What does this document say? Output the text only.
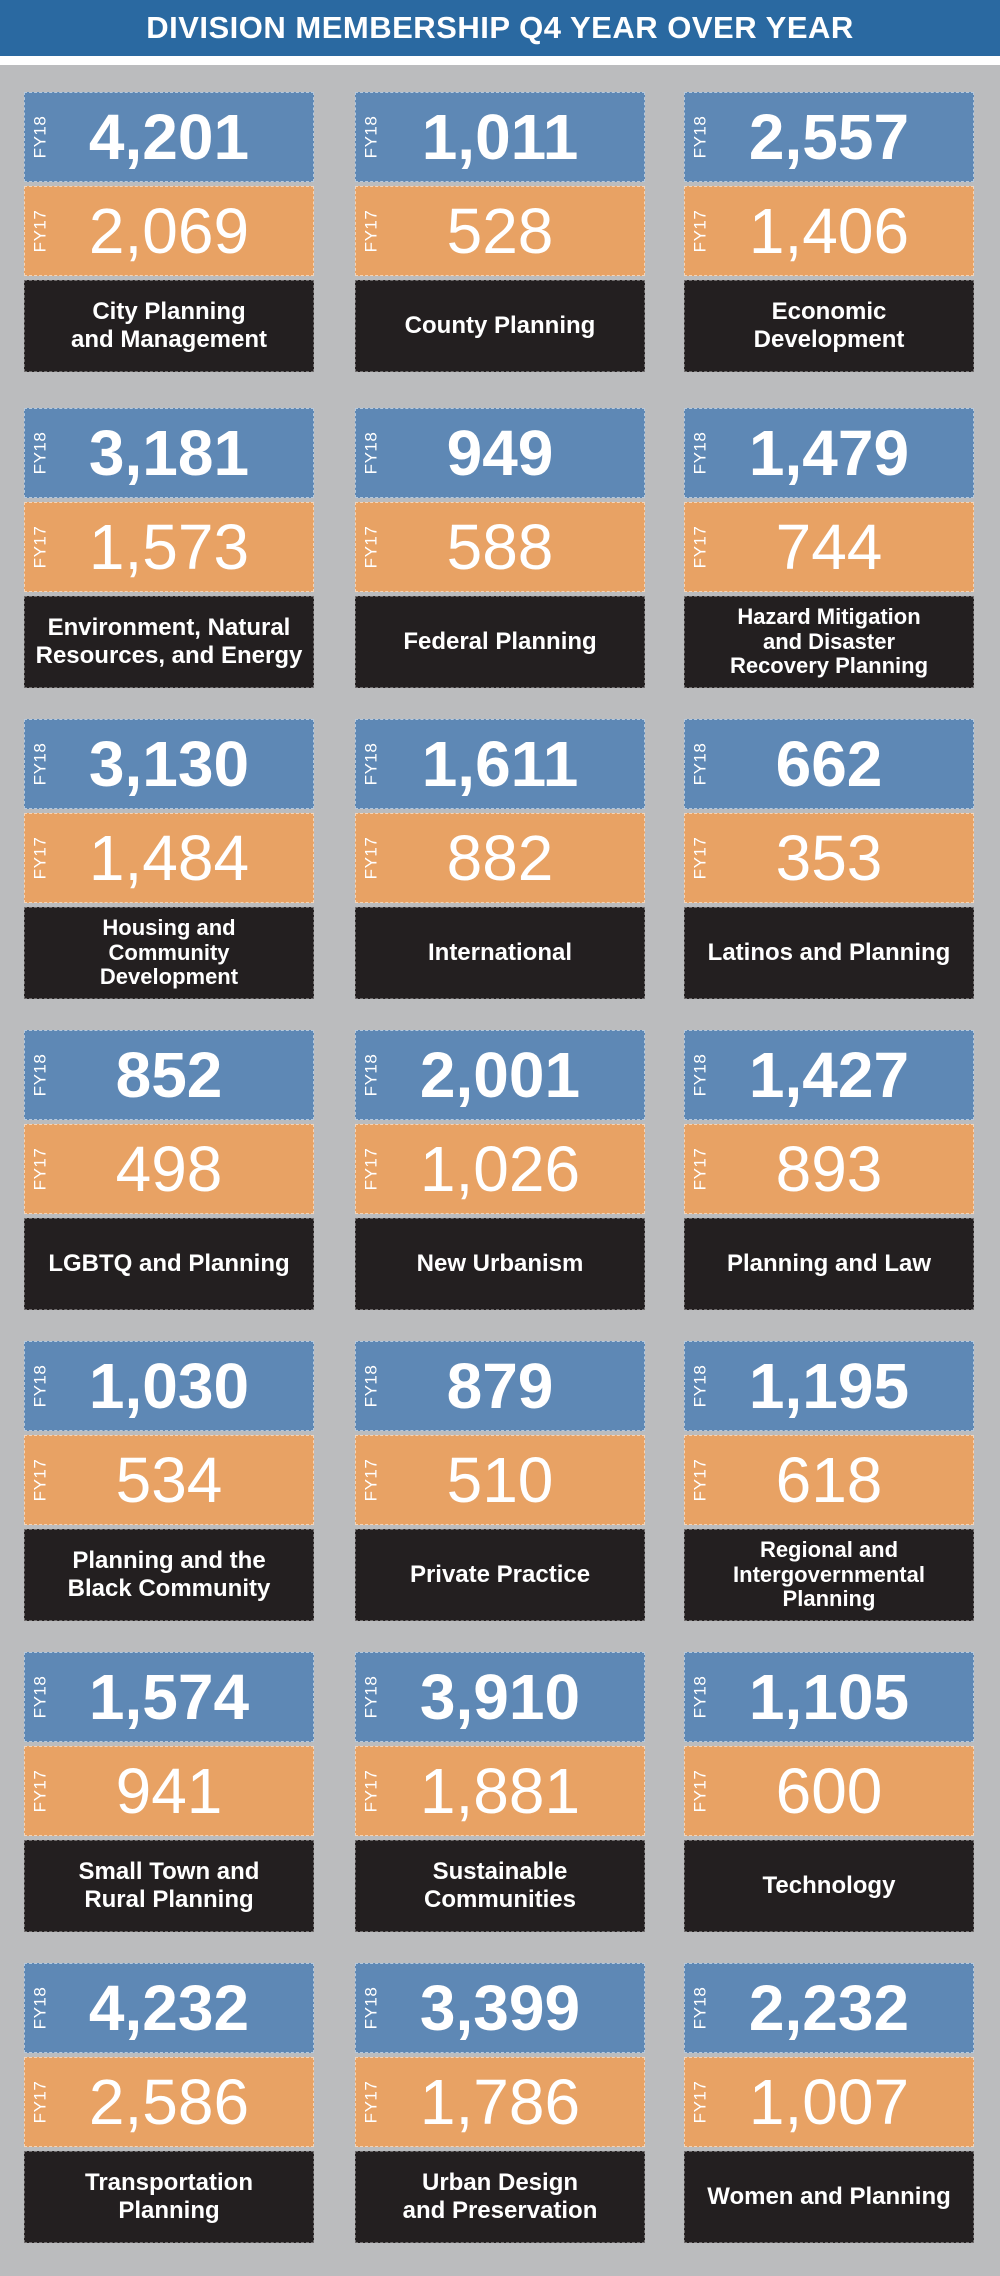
DIVISION MEMBERSHIP Q4 YEAR OVER YEAR
FY18 4,201
FY17 2,069
City Planning
and Management
FY18 1,011
FY17	528
County Planning
FY18 2,557
FY17 1,406
Economic
Development
FY18 3,181
FY17 1,573
Environment, Natural
Resources, and Energy
FY18	949
FY17	588
Federal Planning
FY18 1,479
FY17	744
Hazard Mitigation
and Disaster
Recovery Planning
FY18 3,130
FY17 1,484
Housing and
Community
Development
FY18 1,611
FY17	882
International
FY18	662
FY17	353
Latinos and Planning
FY18	852
FY17	498
LGBTQ and Planning
FY18 2,001
FY17 1,026
New Urbanism
FY18 1,427
FY17	893
Planning and Law
FY18 1,030
FY17	534
Planning and the
Black Community
FY18	879
FY17	510
Private Practice
FY18 1,195
FY17	618
Regional and
Intergovernmental
Planning
FY18 1,574
FY17	941
Small Town and
Rural Planning
FY18 3,910
FY17 1,881
Sustainable
Communities
FY18 1,105
FY17	600
Technology
FY18 4,232
FY17 2,586
Transportation
Planning
FY18 3,399
FY17 1,786
Urban Design
and Preservation
FY18 2,232
FY17 1,007
Women and Planning
